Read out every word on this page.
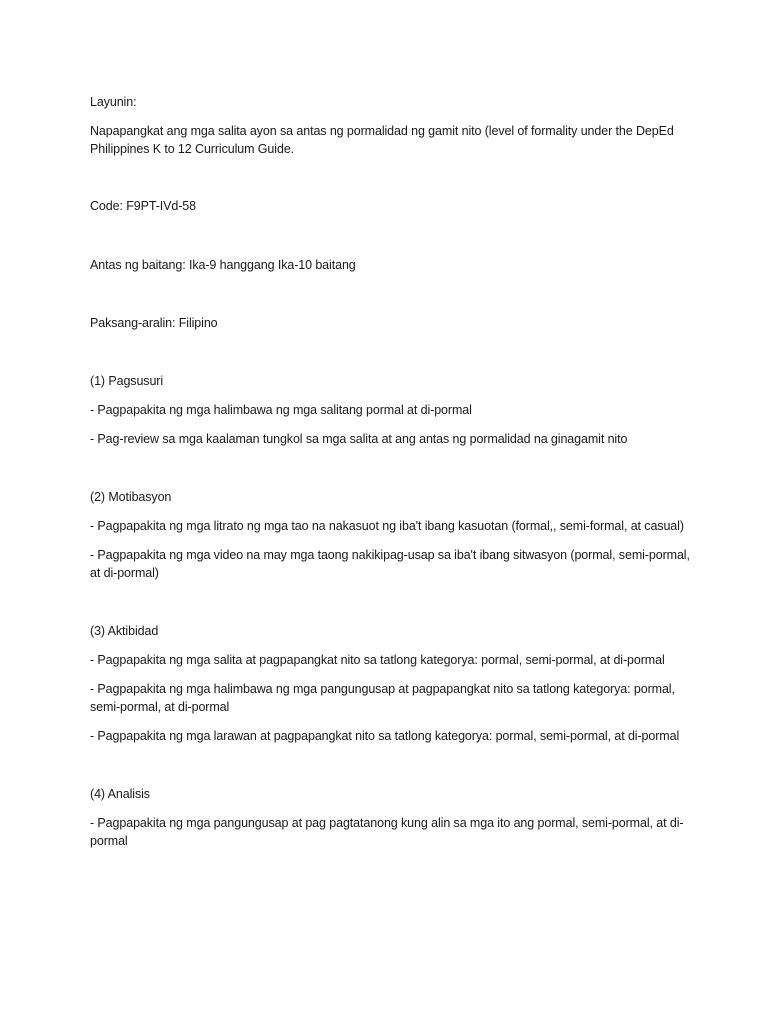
Layunin:

Napapangkat ang mga salita ayon sa antas ng pormalidad ng gamit nito (level of formality under the DepEd Philippines K to 12 Curriculum Guide.

Code: F9PT-IVd-58

Antas ng baitang: Ika-9 hanggang Ika-10 baitang

Paksang-aralin: Filipino

(1) Pagsusuri

- Pagpapakita ng mga halimbawa ng mga salitang pormal at di-pormal

- Pag-review sa mga kaalaman tungkol sa mga salita at ang antas ng pormalidad na ginagamit nito

(2) Motibasyon

- Pagpapakita ng mga litrato ng mga tao na nakasuot ng iba't ibang kasuotan (formal,, semi-formal, at casual)

- Pagpapakita ng mga video na may mga taong nakikipag-usap sa iba't ibang sitwasyon (pormal, semi-pormal, at di-pormal)

(3) Aktibidad

- Pagpapakita ng mga salita at pagpapangkat nito sa tatlong kategorya: pormal, semi-pormal, at di-pormal

- Pagpapakita ng mga halimbawa ng mga pangungusap at pagpapangkat nito sa tatlong kategorya: pormal, semi-pormal, at di-pormal

- Pagpapakita ng mga larawan at pagpapangkat nito sa tatlong kategorya: pormal, semi-pormal, at di-pormal

(4) Analisis

- Pagpapakita ng mga pangungusap at pag pagtatanong kung alin sa mga ito ang pormal, semi-pormal, at di-pormal
